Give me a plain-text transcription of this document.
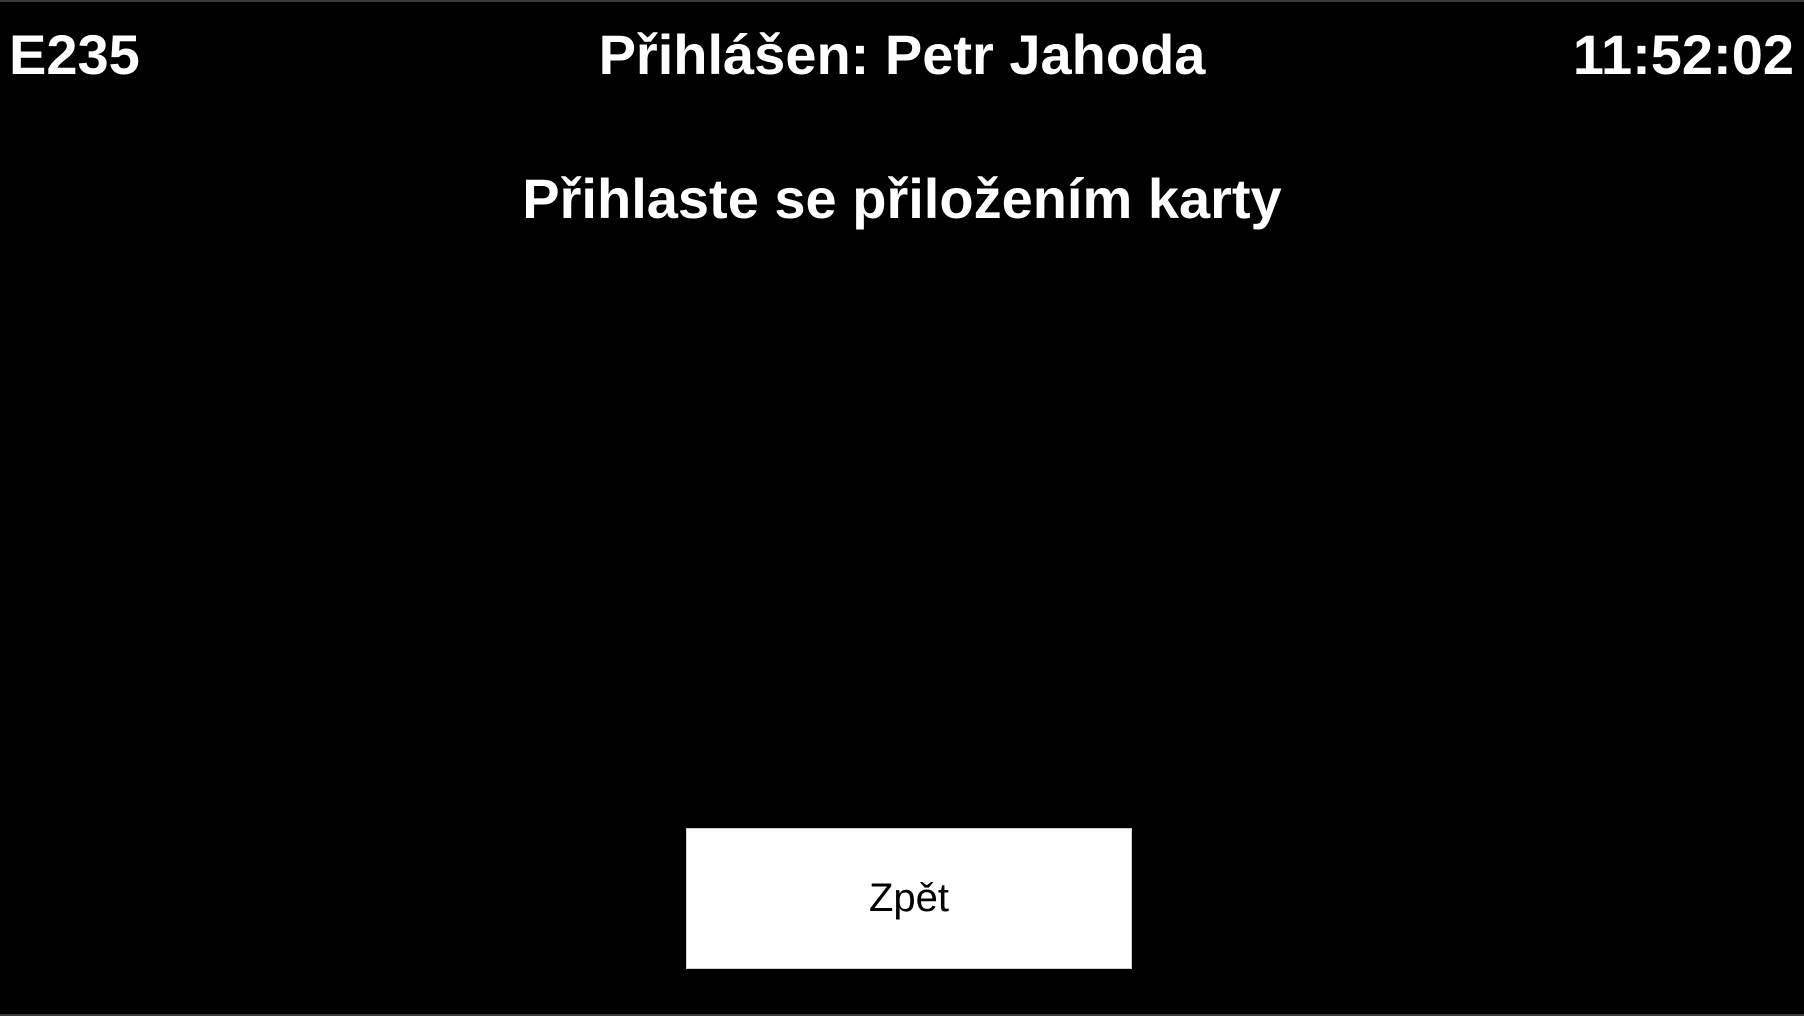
E235	Přihlášen: Petr Jahoda	11:52:02
Přihlaste se přiložením karty
Zpět
